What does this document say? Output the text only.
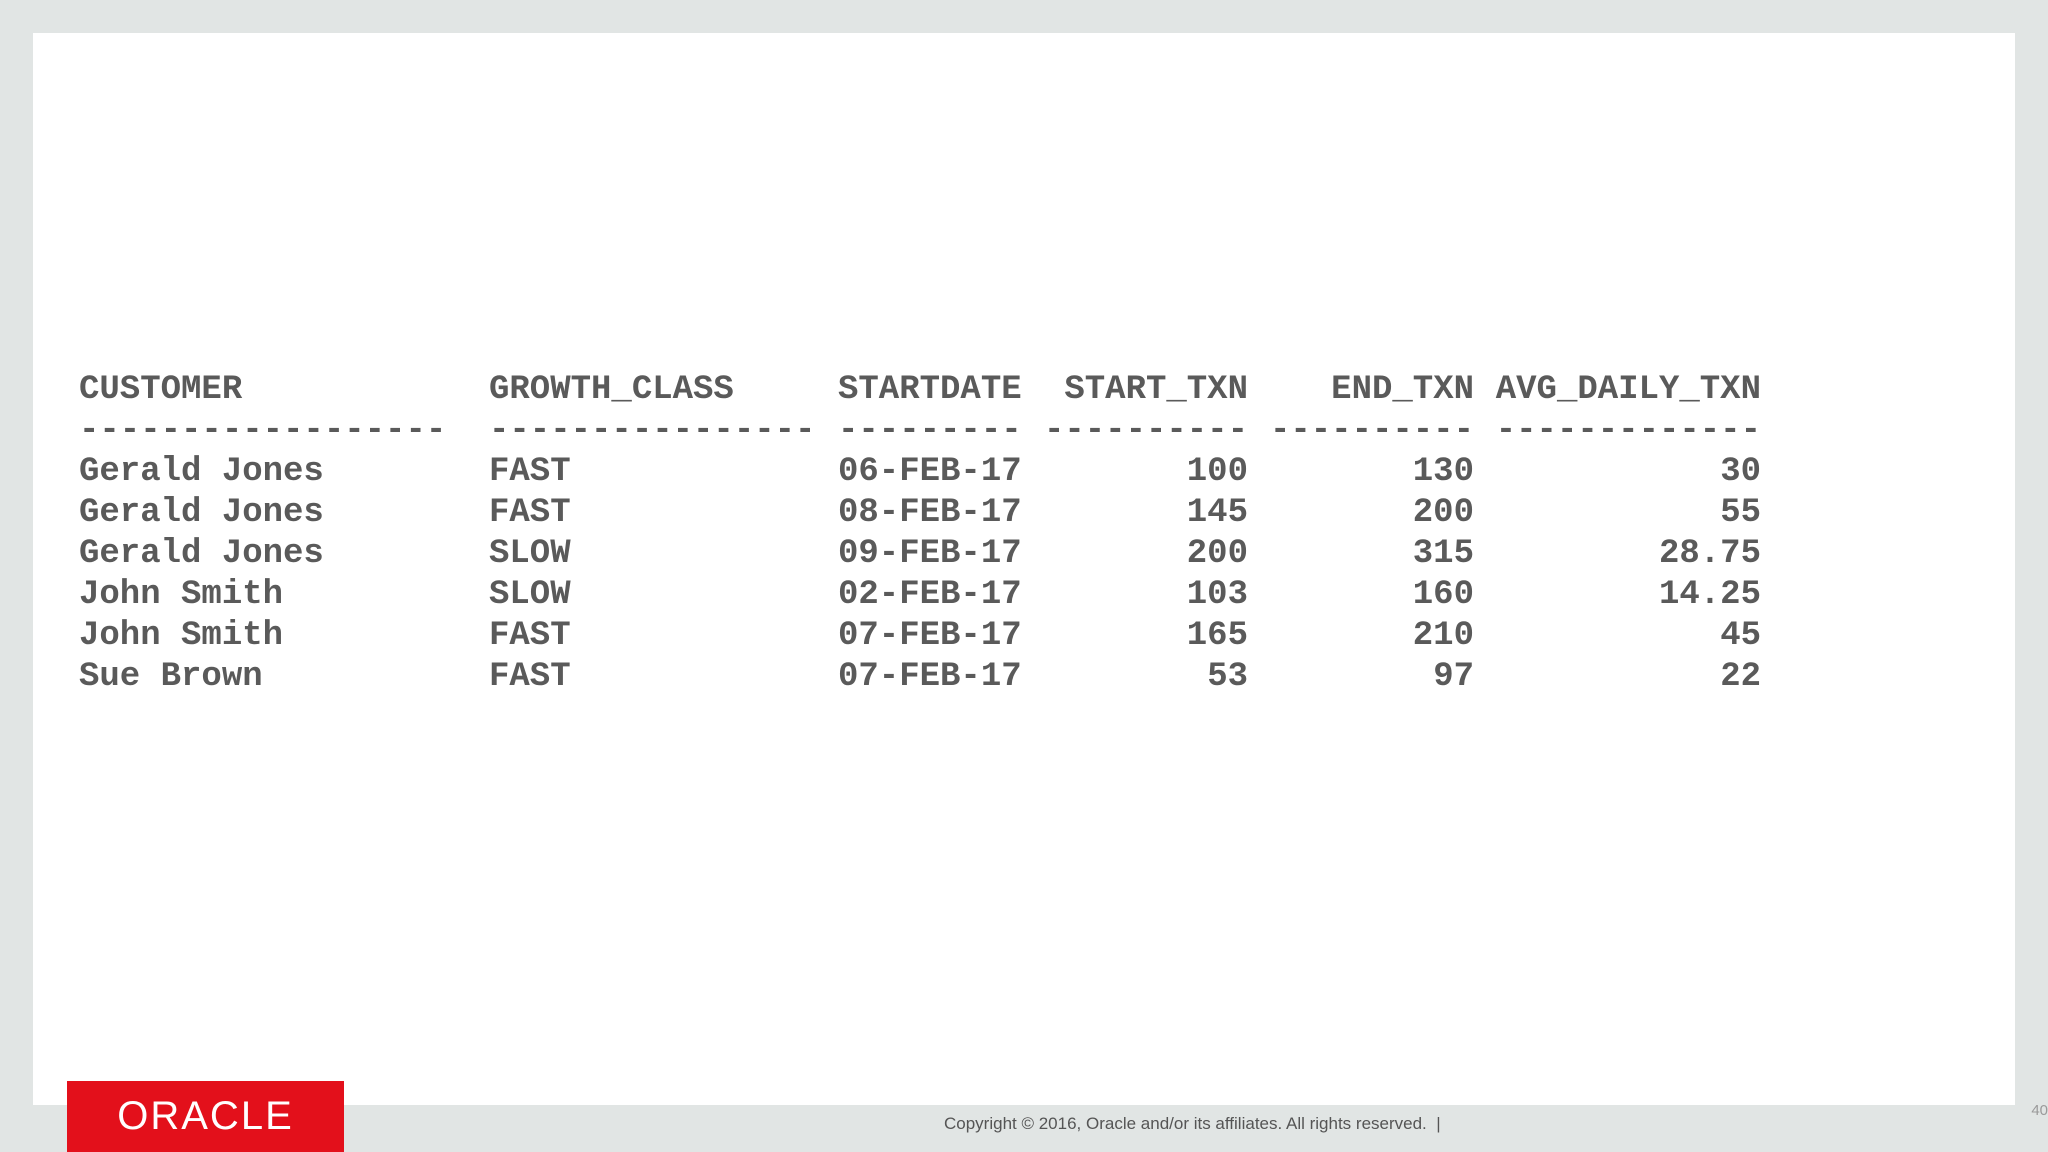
CUSTOMER	GROWTH_CLASS	STARTDATE	START_TXN	END_TXN AVG_DAILY_TXN
------------------	---------------- --------- ---------- ---------- -------------
Gerald Jones	FAST	06-FEB-17	100	130	30
Gerald Jones	FAST	08-FEB-17	145	200	55
Gerald Jones	SLOW	09-FEB-17	200	315	28.75
John Smith	SLOW	02-FEB-17	103	160	14.25
John Smith	FAST	07-FEB-17	165	210	45
Sue Brown	FAST	07-FEB-17	53	97	22
ORACLE	Copyright © 2016, Oracle and/or its affiliates. All rights reserved.  |
40
